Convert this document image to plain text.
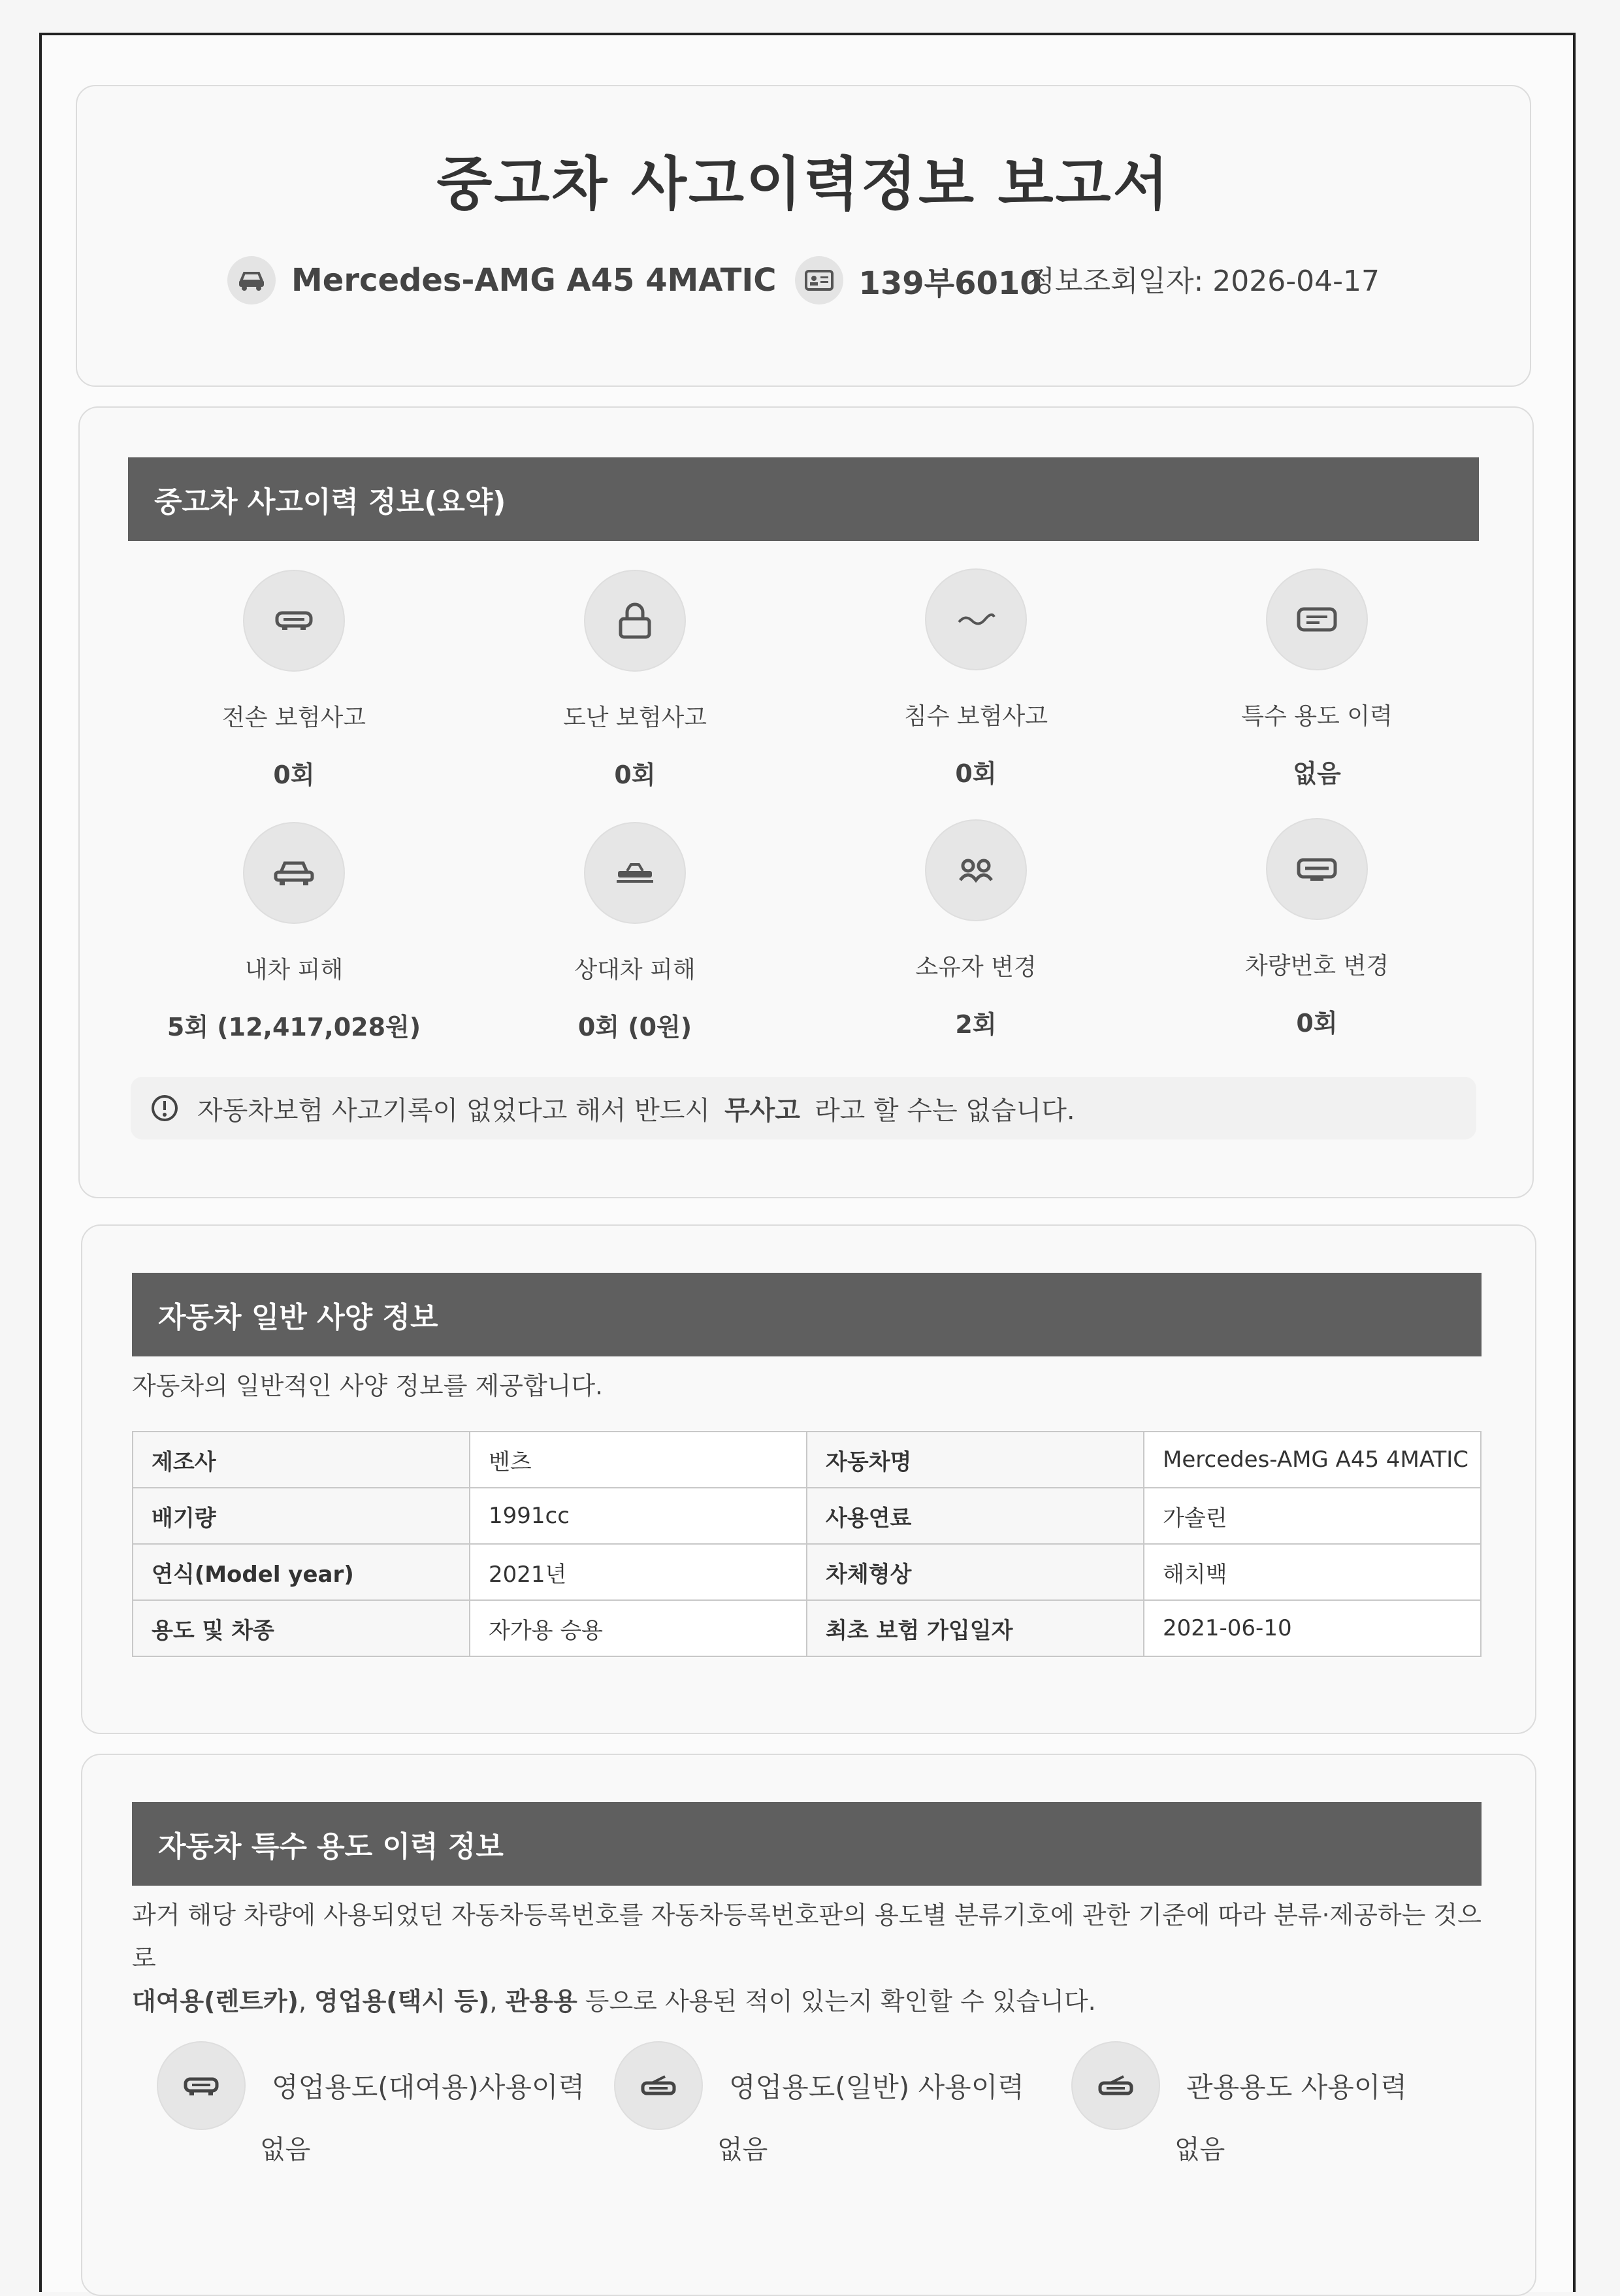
중고차 사고이력정보 보고서
Mercedes-AMG A45 4MATIC	139부6010
정보조회일자: 2026-04-17
중고차 사고이력 정보(요약)
전손 보험사고
0회
도난 보험사고
0회
침수 보험사고
0회
특수 용도 이력
없음
내차 피해
5회 (12,417,028원)
상대차 피해
0회 (0원)
소유자 변경
2회
차량번호 변경
0회
자동차보험 사고기록이 없었다고 해서 반드시 무사고 라고 할 수는 없습니다.
자동차 일반 사양 정보
자동차의 일반적인 사양 정보를 제공합니다.
제조사	벤츠	자동차명	Mercedes-AMG A45 4MATIC
배기량	1991cc	사용연료	가솔린
연식(Model year)	2021년	차체형상	해치백
용도 및 차종	자가용 승용	최초 보험 가입일자	2021-06-10
자동차 특수 용도 이력 정보
과거 해당 차량에 사용되었던 자동차등록번호를 자동차등록번호판의 용도별 분류기호에 관한 기준에 따라 분류·제공하는 것으로
대여용(렌트카), 영업용(택시 등), 관용용 등으로 사용된 적이 있는지 확인할 수 있습니다.
영업용도(대여용)사용이력
없음
영업용도(일반) 사용이력
없음
관용용도 사용이력
없음
